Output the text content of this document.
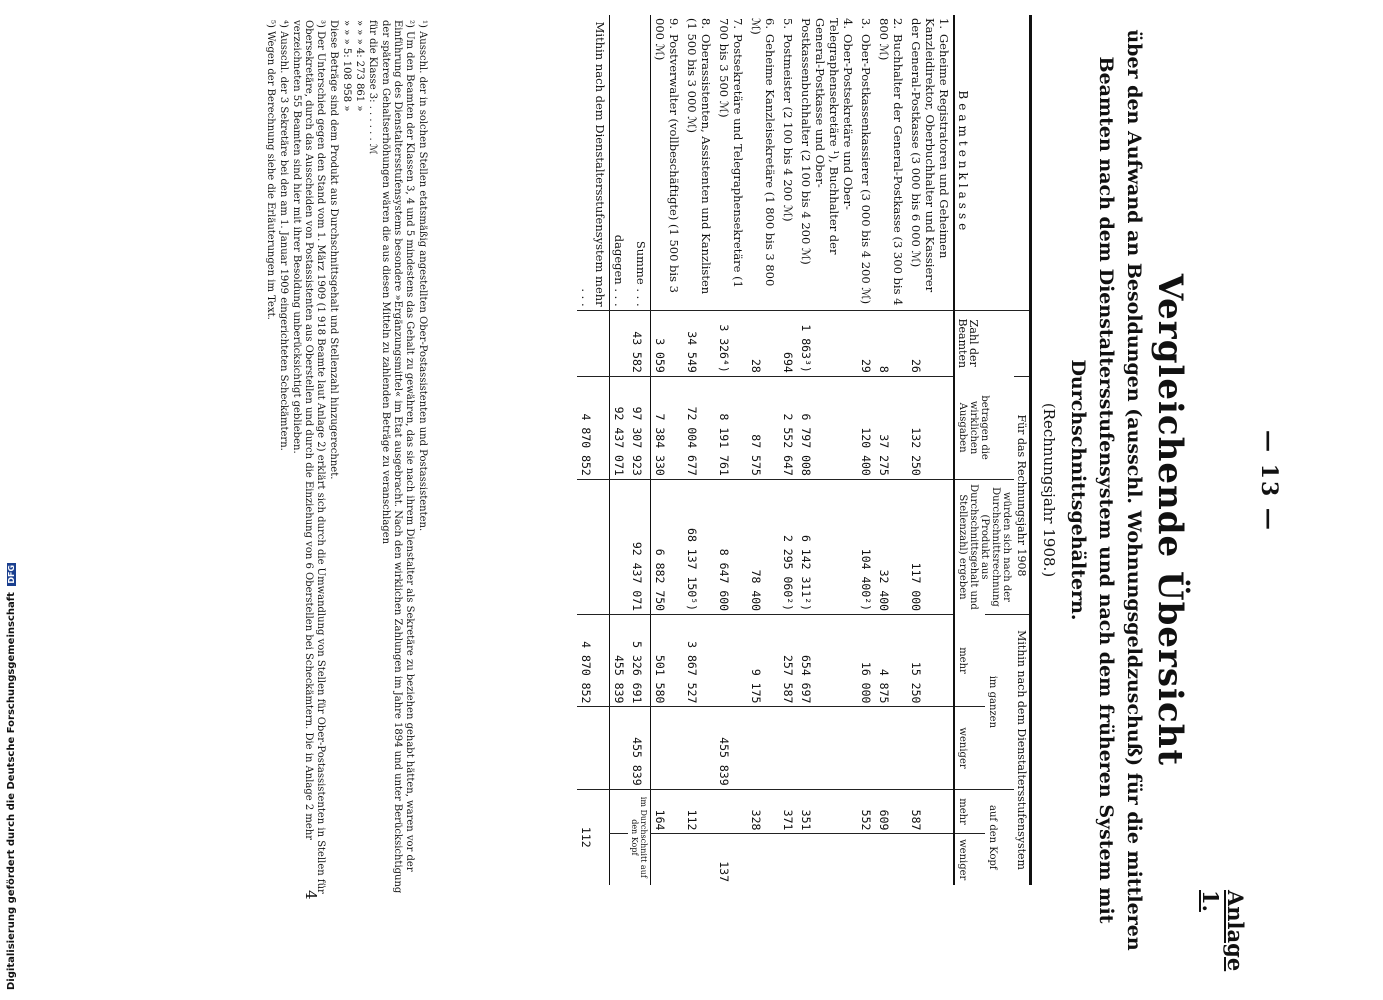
— 13 —
Anlage 1.
Vergleichende Übersicht
über den Aufwand an Besoldungen (ausschl. Wohnungsgeldzuschuß) für die mittleren Beamten nach dem Dienstaltersstufensystem und nach dem früheren System mit Durchschnittsgehältern.
(Rechnungsjahr 1908.)
Beamtenklasse	Zahl der Beamten	Für das Rechnungsjahr 1908		Mithin nach dem Dienstaltersstufensystem			
		betragen die wirklichen Ausgaben	würden sich nach der Durchschnittsrechnung (Produkt aus Durchschnittsgehalt und Stellenzahl) ergeben	im ganzen		auf den Kopf	
				mehr	weniger	mehr	weniger
1.Geheime Registratoren und Geheimen Kanzleidirektor, Oberbuchhalter und Kassierer der General-Postkasse (3 000 bis 6 000 ℳ)	26	132 250	117 000	15 250		587	
2.Buchhalter der General-Postkasse (3 300 bis 4 800 ℳ)	8	37 275	32 400	4 875		609	
3.Ober-Postkassenkassierer (3 000 bis 4 200 ℳ)	29	120 400	104 400²)	16 000		552	
4.Ober-Postsekretäre und Ober-Telegraphensekretäre ¹), Buchhalter der General-Postkasse und Ober-Postkassenbuchhalter (2 100 bis 4 200 ℳ)	1 863³)	6 797 008	6 142 311²)	654 697		351	
5.Postmeister (2 100 bis 4 200 ℳ)	694	2 552 647	2 295 060²)	257 587		371	
6.Geheime Kanzleisekretäre (1 800 bis 3 800 ℳ)	28	87 575	78 400	9 175		328	
7.Postsekretäre und Telegraphensekretäre (1 700 bis 3 500 ℳ)	3 326⁴)	8 191 761	8 647 600		455 839		137
8.Oberassistenten, Assistenten und Kanzlisten (1 500 bis 3 000 ℳ)	34 549	72 004 677	68 137 150⁵)	3 867 527		112	
9.Postverwalter (vollbeschäftigte) (1 500 bis 3 000 ℳ)	3 059	7 384 330	6 882 750	501 580		164	
Summe . . .	43 582	97 307 923	92 437 071	5 326 691	455 839	im Durchschnitt auf den Kopf	
dagegen . . .		92 437 071		455 839			
Mithin nach dem Dienstaltersstufensystem mehr . . .		4 870 852		4 870 852		112	

¹) Ausschl. der in solchen Stellen etatsmäßig angestellten Ober-Postassistenten und Postassistenten.

²) Um den Beamten der Klassen 3, 4 und 5 mindestens das Gehalt zu gewähren, das sie nach ihrem Dienstalter als Sekretäre zu beziehen gehabt hätten, waren vor der Einführung des Dienstaltersstufensystems besondere »Ergänzungsmittel« im Etat ausgebracht. Nach den wirklichen Zahlungen im Jahre 1894 und unter Berücksichtigung der späteren Gehaltserhöhungen wären die aus diesen Mitteln zu zahlenden Beträge zu veranschlagen

für die Klasse 3: . . . . . . ℳ

» » » 4: 273 861 »

» » » 5: 108 958 »

Diese Beträge sind dem Produkt aus Durchschnittsgehalt und Stellenzahl hinzugerechnet.

³) Der Unterschied gegen den Stand vom 1. März 1909 (1 918 Beamte laut Anlage 2) erklärt sich durch die Umwandlung von Stellen für Ober-Postassistenten in Stellen für Obersekretäre, durch das Ausscheiden von Postassistenten aus Oberstellen und durch die Einziehung von 6 Oberstellen bei Scheckämtern. Die in Anlage 2 mehr verzeichneten 55 Beamten sind hier mit ihrer Besoldung unberücksichtigt geblieben.

⁴) Ausschl. der 3 Sekretäre bei den am 1. Januar 1909 eingerichteten Scheckämtern.

⁵) Wegen der Berechnung siehe die Erläuterungen im Text.

4
Digitalisierung gefördert durch die Deutsche Forschungsgemeinschaft DFG
